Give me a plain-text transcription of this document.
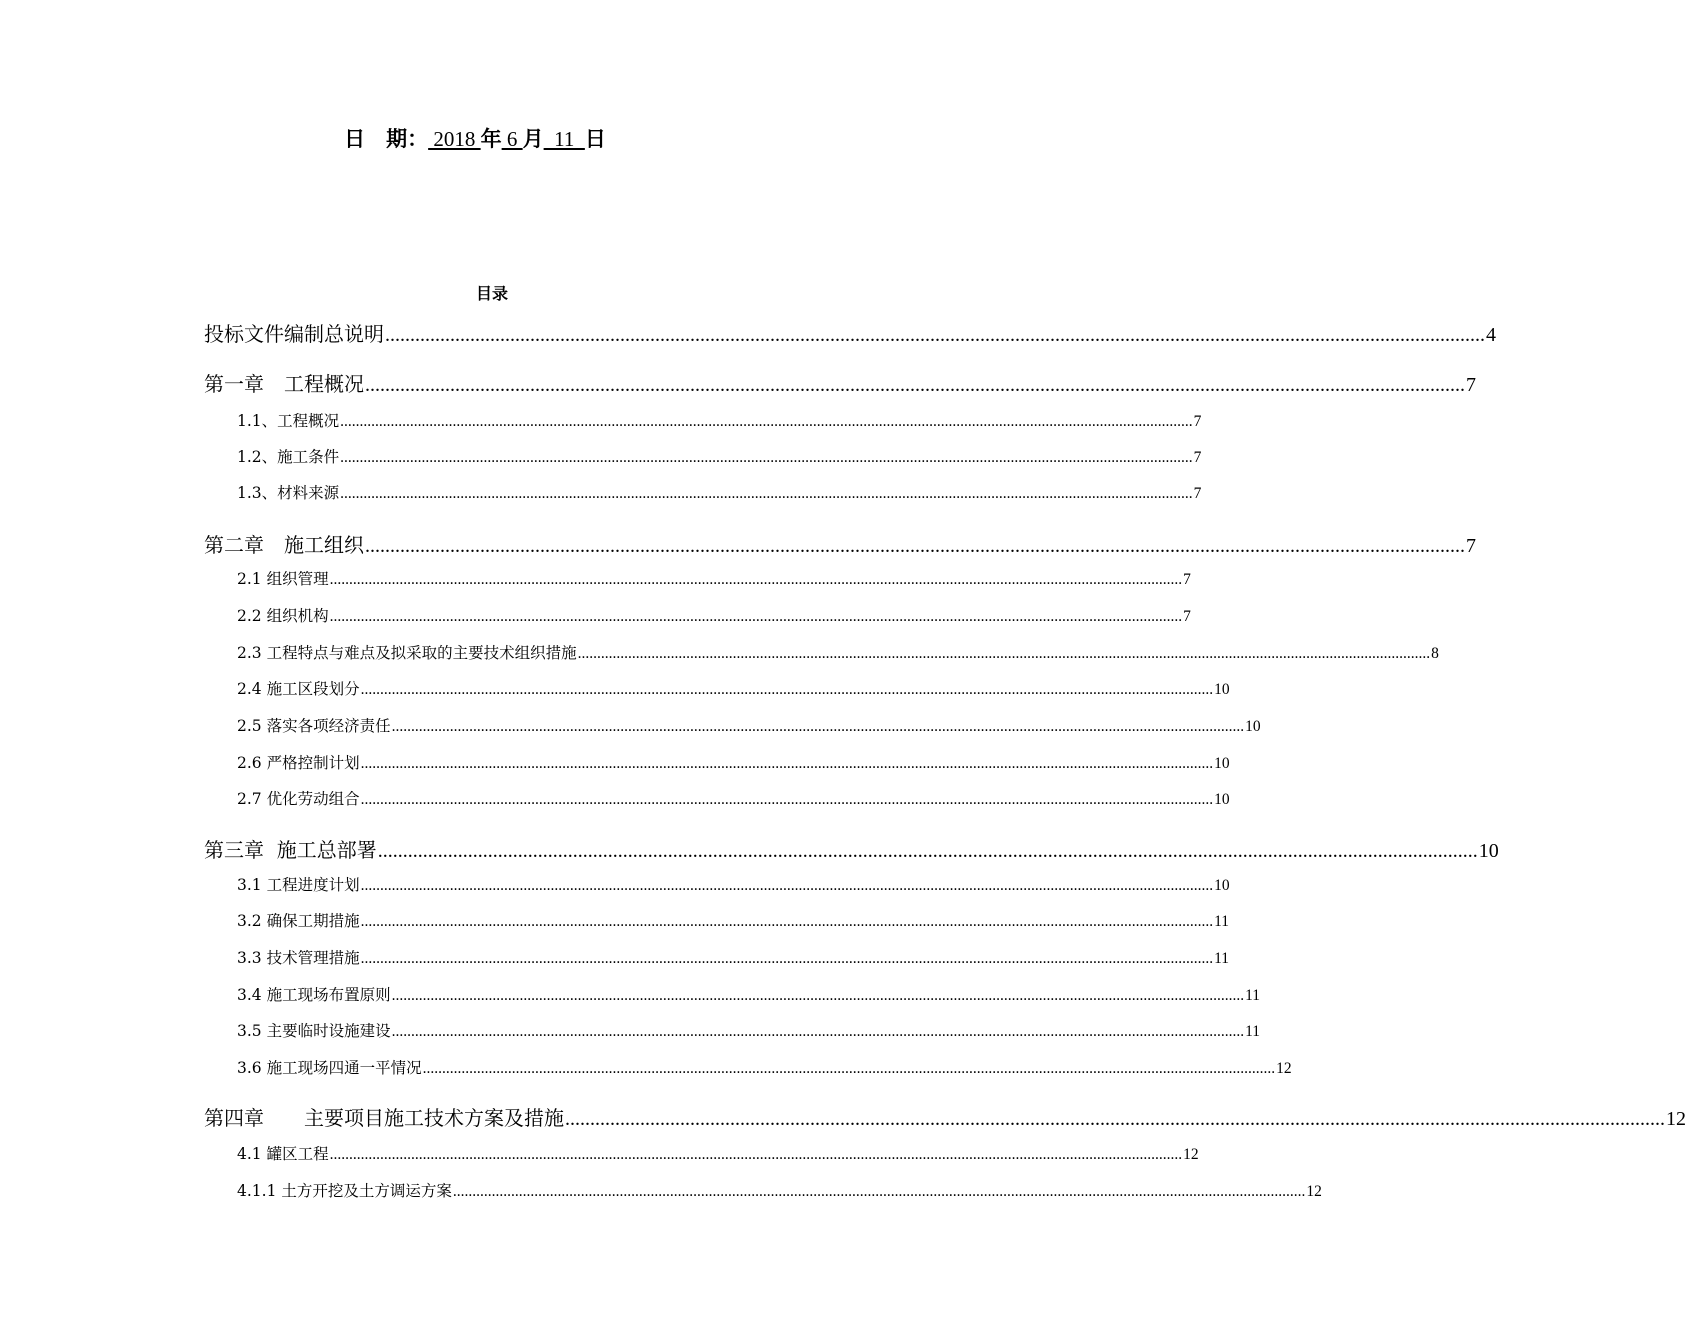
日　期： 2018 年 6 月  11  日
目录
投标文件编制总说明 ............................................................................................................................................................................................................................ 4
第一章　工程概况 ............................................................................................................................................................................................................................ 7
1.1、工程概况 ............................................................................................................................................................................................................................ 7
1.2、施工条件 ............................................................................................................................................................................................................................ 7
1.3、材料来源 ............................................................................................................................................................................................................................ 7
第二章　施工组织 ............................................................................................................................................................................................................................ 7
2.1 组织管理 ............................................................................................................................................................................................................................ 7
2.2 组织机构 ............................................................................................................................................................................................................................ 7
2.3 工程特点与难点及拟采取的主要技术组织措施 ............................................................................................................................................................................................................................ 8
2.4 施工区段划分 ............................................................................................................................................................................................................................ 10
2.5 落实各项经济责任 ............................................................................................................................................................................................................................ 10
2.6 严格控制计划 ............................................................................................................................................................................................................................ 10
2.7 优化劳动组合 ............................................................................................................................................................................................................................ 10
第三章  施工总部署 ............................................................................................................................................................................................................................ 10
3.1 工程进度计划 ............................................................................................................................................................................................................................ 10
3.2 确保工期措施 ............................................................................................................................................................................................................................ 11
3.3 技术管理措施 ............................................................................................................................................................................................................................ 11
3.4 施工现场布置原则 ............................................................................................................................................................................................................................ 11
3.5 主要临时设施建设 ............................................................................................................................................................................................................................ 11
3.6 施工现场四通一平情况 ............................................................................................................................................................................................................................ 12
第四章　　主要项目施工技术方案及措施 ............................................................................................................................................................................................................................ 12
4.1 罐区工程 ............................................................................................................................................................................................................................ 12
4.1.1 土方开挖及土方调运方案 ............................................................................................................................................................................................................................ 12
